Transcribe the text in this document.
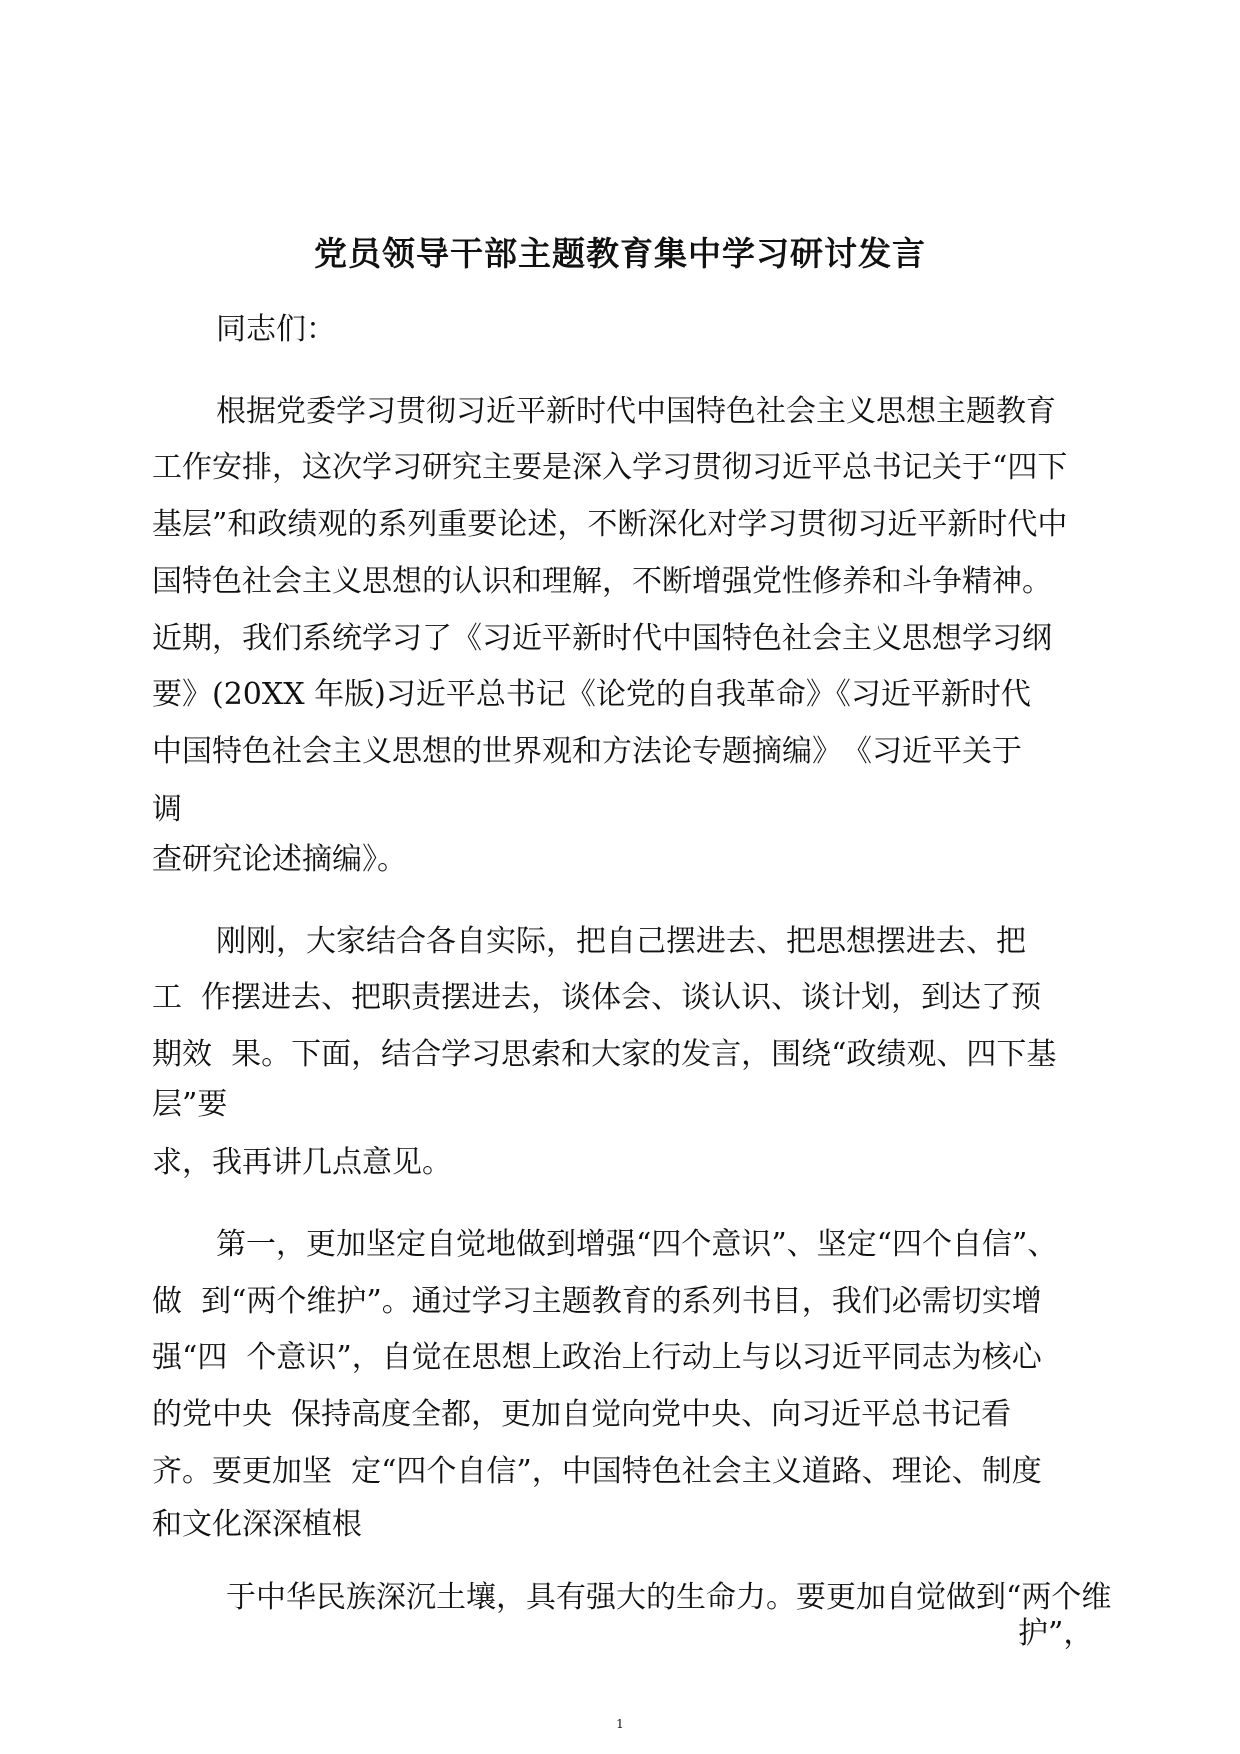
党员领导干部主题教育集中学习研讨发言
同志们：
根据党委学习贯彻习近平新时代中国特色社会主义思想主题教育
工作安排，这次学习研究主要是深入学习贯彻习近平总书记关于“四下
基层”和政绩观的系列重要论述，不断深化对学习贯彻习近平新时代中
国特色社会主义思想的认识和理解，不断增强党性修养和斗争精神。
近期，我们系统学习了《习近平新时代中国特色社会主义思想学习纲
要》(20XX 年版)习近平总书记《论党的自我革命》《习近平新时代
中国特色社会主义思想的世界观和方法论专题摘编》　《习近平关于
调
查研究论述摘编》。
刚刚，大家结合各自实际，把自己摆进去、把思想摆进去、把
工  作摆进去、把职责摆进去，谈体会、谈认识、谈计划，到达了预
期效  果。下面，结合学习思索和大家的发言，围绕“政绩观、四下基
层”要
求，我再讲几点意见。
第一，更加坚定自觉地做到增强“四个意识”、坚定“四个自信”、
做  到“两个维护”。通过学习主题教育的系列书目，我们必需切实增
强“四  个意识”，自觉在思想上政治上行动上与以习近平同志为核心
的党中央  保持高度全都，更加自觉向党中央、向习近平总书记看
齐。要更加坚  定“四个自信”，中国特色社会主义道路、理论、制度
和文化深深植根
于中华民族深沉土壤，具有强大的生命力。要更加自觉做到“两个维
护”，
1
